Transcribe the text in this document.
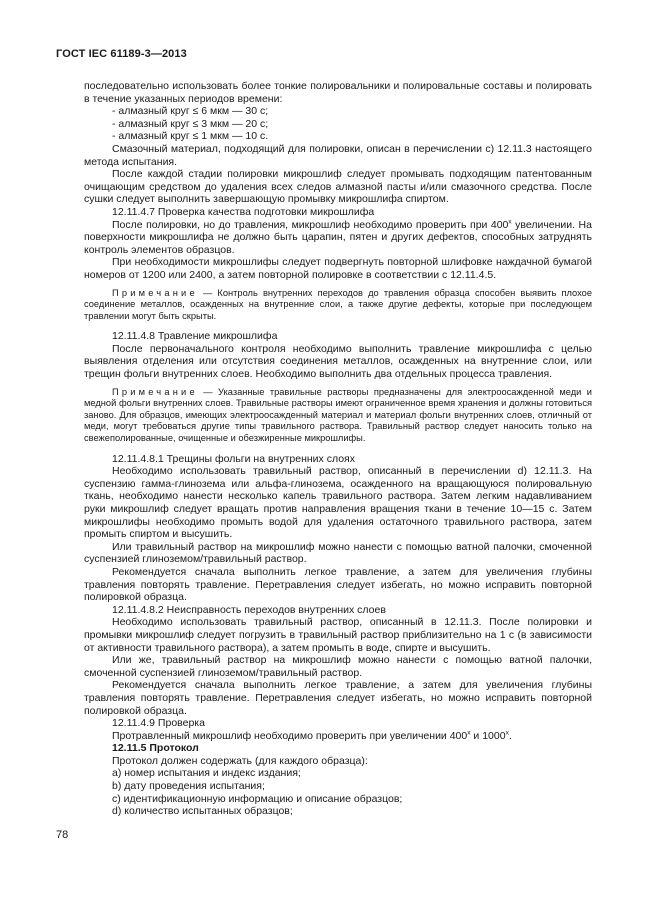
ГОСТ IEC 61189-3—2013

последовательно использовать более тонкие полировальники и полировальные составы и полировать в течение указанных периодов времени:

- алмазный круг ≤ 6 мкм — 30 с;

- алмазный круг ≤ 3 мкм — 20 с;

- алмазный круг ≤ 1 мкм — 10 с.

Смазочный материал, подходящий для полировки, описан в перечислении с) 12.11.3 настоящего метода испытания.

После каждой стадии полировки микрошлиф следует промывать подходящим патентованным очищающим средством до удаления всех следов алмазной пасты и/или смазочного средства. После сушки следует выполнить завершающую промывку микрошлифа спиртом.

12.11.4.7 Проверка качества подготовки микрошлифа

После полировки, но до травления, микрошлиф необходимо проверить при $400^х$ увеличении. На поверхности микрошлифа не должно быть царапин, пятен и других дефектов, способных затруднять контроль элементов образцов.

При необходимости микрошлифы следует подвергнуть повторной шлифовке наждачной бумагой номеров от 1200 или 2400, а затем повторной полировке в соответствии с 12.11.4.5.

Примечание — Контроль внутренних переходов до травления образца способен выявить плохое соединение металлов, осажденных на внутренние слои, а также другие дефекты, которые при последующем травлении могут быть скрыты.

12.11.4.8 Травление микрошлифа

После первоначального контроля необходимо выполнить травление микрошлифа с целью выявления отделения или отсутствия соединения металлов, осажденных на внутренние слои, или трещин фольги внутренних слоев. Необходимо выполнить два отдельных процесса травления.

Примечание — Указанные травильные растворы предназначены для электроосажденной меди и медной фольги внутренних слоев. Травильные растворы имеют ограниченное время хранения и должны готовиться заново. Для образцов, имеющих электроосажденный материал и материал фольги внутренних слоев, отличный от меди, могут требоваться другие типы травильного раствора. Травильный раствор следует наносить только на свежеполированные, очищенные и обезжиренные микрошлифы.

12.11.4.8.1 Трещины фольги на внутренних слоях

Необходимо использовать травильный раствор, описанный в перечислении d) 12.11.3. На суспензию гамма-глинозема или альфа-глинозема, осажденного на вращающуюся полировальную ткань, необходимо нанести несколько капель травильного раствора. Затем легким надавливанием руки микрошлиф следует вращать против направления вращения ткани в течение 10—15 с. Затем микрошлифы необходимо промыть водой для удаления остаточного травильного раствора, затем промыть спиртом и высушить.

Или травильный раствор на микрошлиф можно нанести с помощью ватной палочки, смоченной суспензией глиноземом/травильный раствор.

Рекомендуется сначала выполнить легкое травление, а затем для увеличения глубины травления повторять травление. Перетравления следует избегать, но можно исправить повторной полировкой образца.

12.11.4.8.2 Неисправность переходов внутренних слоев

Необходимо использовать травильный раствор, описанный в 12.11.3. После полировки и промывки микрошлиф следует погрузить в травильный раствор приблизительно на 1 с (в зависимости от активности травильного раствора), а затем промыть в воде, спирте и высушить.

Или же, травильный раствор на микрошлиф можно нанести с помощью ватной палочки, смоченной суспензией глиноземом/травильный раствор.

Рекомендуется сначала выполнить легкое травление, а затем для увеличения глубины травления повторять травление. Перетравления следует избегать, но можно исправить повторной полировкой образца.

12.11.4.9 Проверка

Протравленный микрошлиф необходимо проверить при увеличении $400^х$ и $1000^х$.

12.11.5 Протокол

Протокол должен содержать (для каждого образца):

а) номер испытания и индекс издания;

b) дату проведения испытания;

с) идентификационную информацию и описание образцов;

d) количество испытанных образцов;

78
